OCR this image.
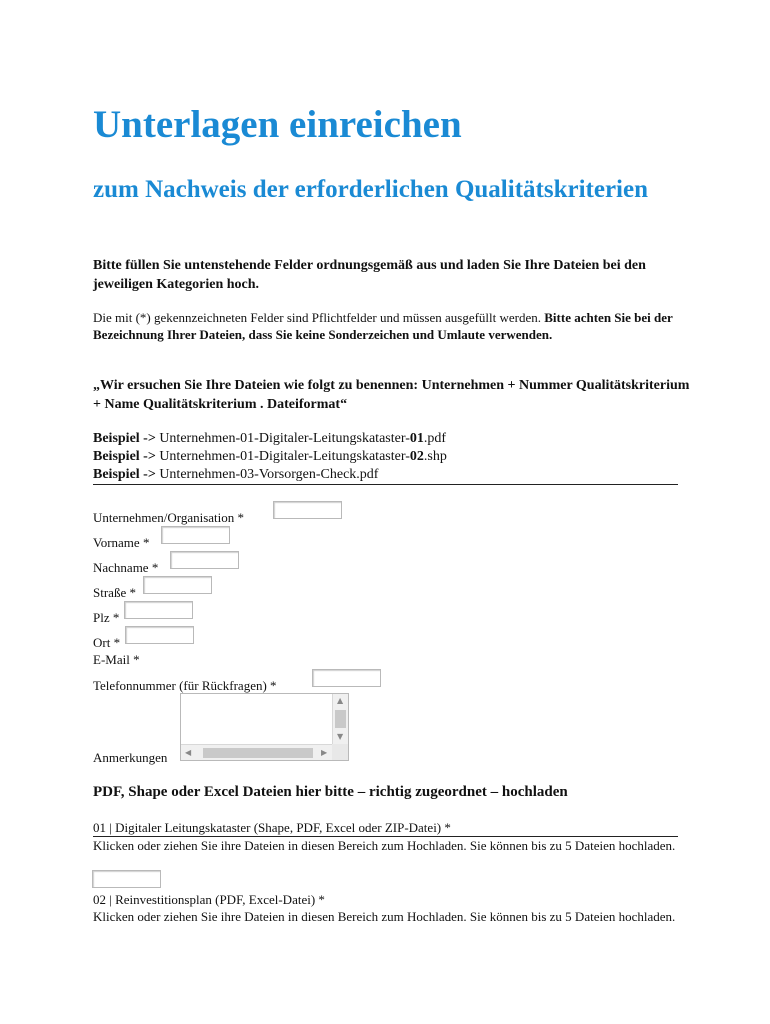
Unterlagen einreichen
zum Nachweis der erforderlichen Qualitätskriterien
Bitte füllen Sie untenstehende Felder ordnungsgemäß aus und laden Sie Ihre Dateien bei den jeweiligen Kategorien hoch.
Die mit (*) gekennzeichneten Felder sind Pflichtfelder und müssen ausgefüllt werden. Bitte achten Sie bei der Bezeichnung Ihrer Dateien, dass Sie keine Sonderzeichen und Umlaute verwenden.
„Wir ersuchen Sie Ihre Dateien wie folgt zu benennen: Unternehmen + Nummer Qualitätskriterium + Name Qualitätskriterium . Dateiformat“
Beispiel -> Unternehmen-01-Digitaler-Leitungskataster-01.pdf
Beispiel -> Unternehmen-01-Digitaler-Leitungskataster-02.shp
Beispiel -> Unternehmen-03-Vorsorgen-Check.pdf
Unternehmen/Organisation *
Vorname *
Nachname *
Straße *
Plz *
Ort *
E-Mail *
Telefonnummer (für Rückfragen) *
Anmerkungen
▲
▼
◀	▶
PDF, Shape oder Excel Dateien hier bitte – richtig zugeordnet – hochladen
01 | Digitaler Leitungskataster (Shape, PDF, Excel oder ZIP-Datei) *
Klicken oder ziehen Sie ihre Dateien in diesen Bereich zum Hochladen. Sie können bis zu 5 Dateien hochladen.
02 | Reinvestitionsplan (PDF, Excel-Datei) *
Klicken oder ziehen Sie ihre Dateien in diesen Bereich zum Hochladen. Sie können bis zu 5 Dateien hochladen.
